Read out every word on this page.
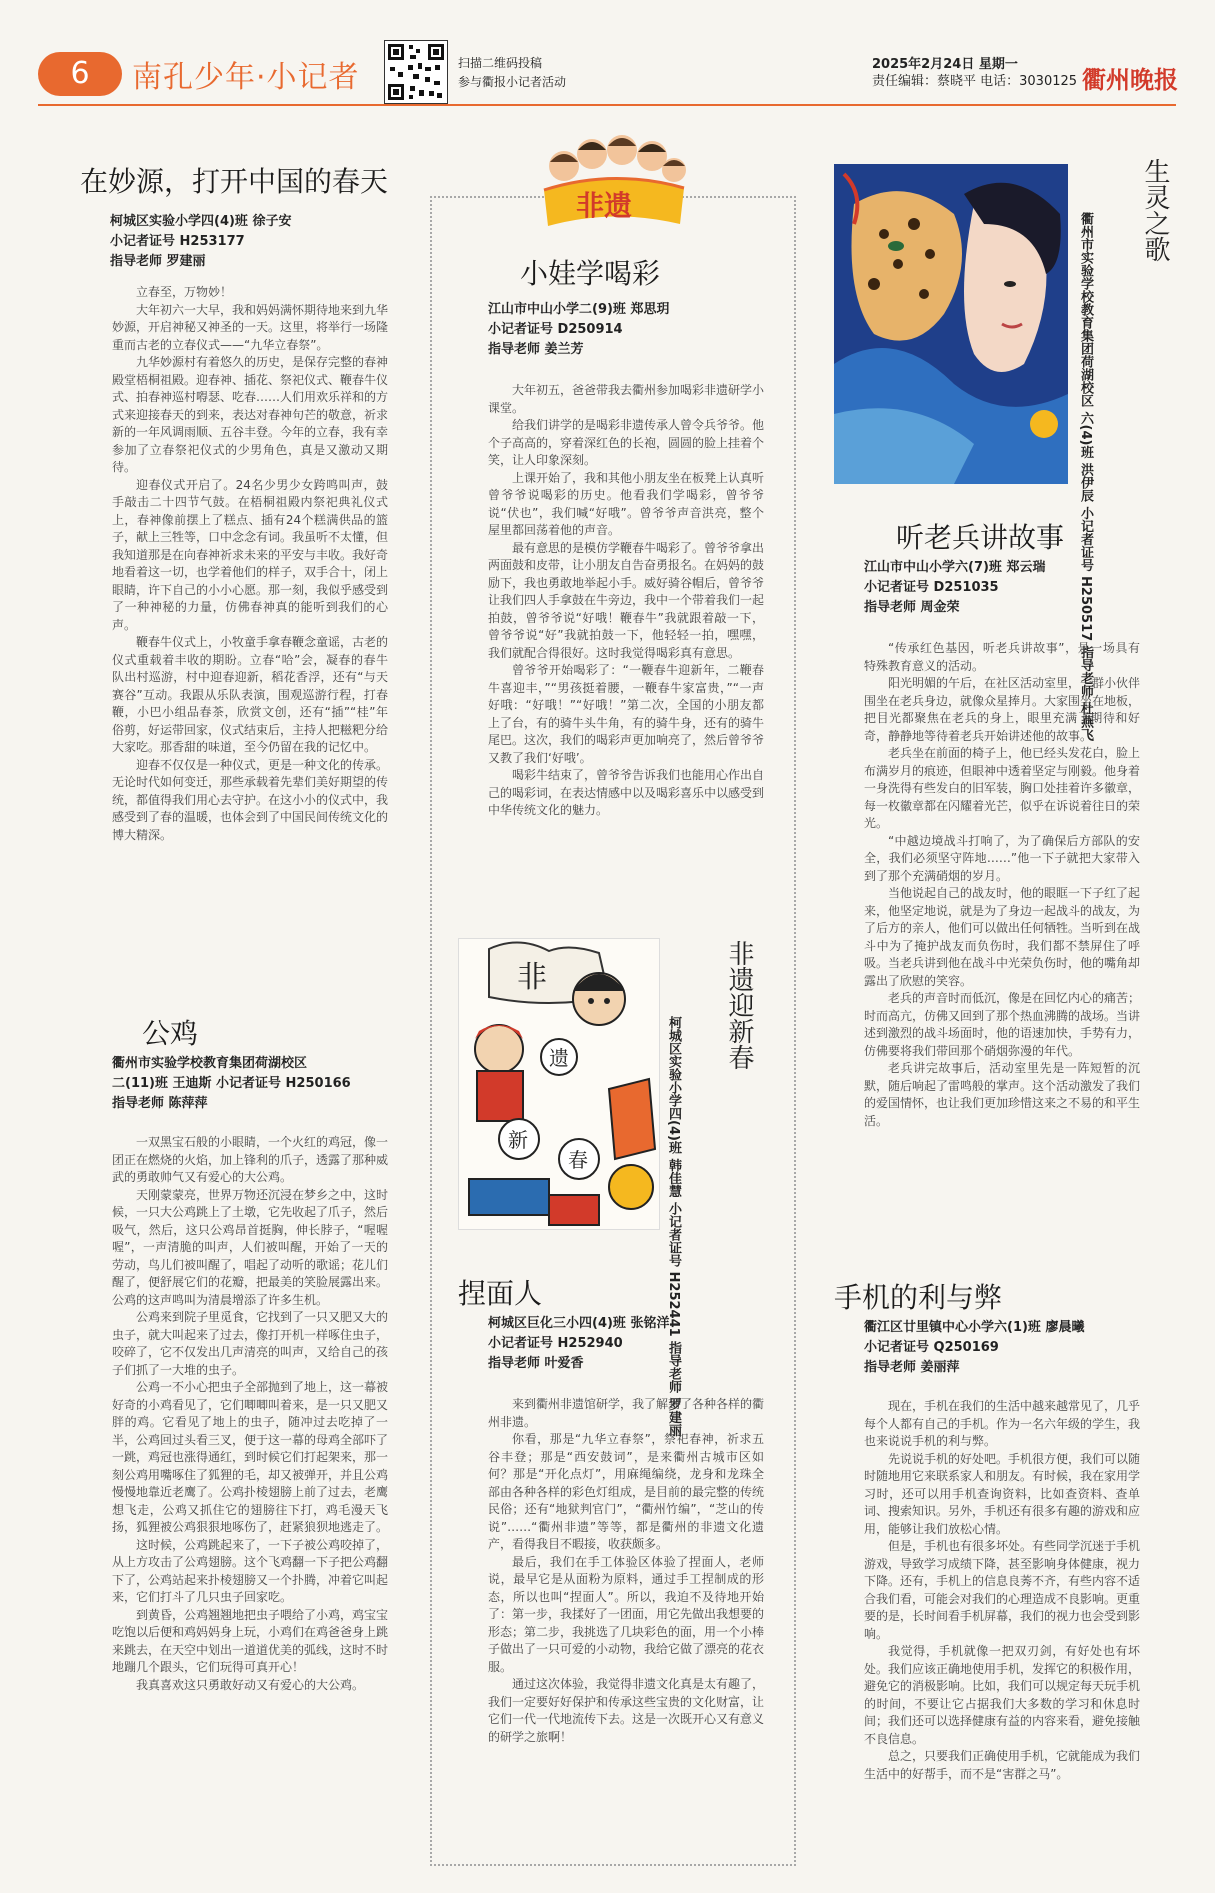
6	南孔少年·小记者	扫描二维码投稿
参与衢报小记者活动
2025年2月24日 星期一
责任编辑：蔡晓平 电话：3030125 衢州晚报
在妙源，打开中国的春天
柯城区实验小学四(4)班 徐子安
小记者证号 H253177
指导老师 罗建丽

立春至，万物妙！

大年初六一大早，我和妈妈满怀期待地来到九华妙源，开启神秘又神圣的一天。这里，将举行一场隆重而古老的立春仪式——“九华立春祭”。

九华妙源村有着悠久的历史，是保存完整的春神殿堂梧桐祖殿。迎春神、插花、祭祀仪式、鞭春牛仪式、拍春神巡村嘚瑟、吃春……人们用欢乐祥和的方式来迎接春天的到来，表达对春神句芒的敬意，祈求新的一年风调雨顺、五谷丰登。今年的立春，我有幸参加了立春祭祀仪式的少男角色，真是又激动又期待。

迎春仪式开启了。24名少男少女跨鸣叫声，鼓手敲击二十四节气鼓。在梧桐祖殿内祭祀典礼仪式上，春神像前摆上了糕点、插有24个糕满供品的篮子，献上三牲等，口中念念有词。我虽听不太懂，但我知道那是在向春神祈求未来的平安与丰收。我好奇地看着这一切，也学着他们的样子，双手合十，闭上眼睛，许下自己的小小心愿。那一刻，我似乎感受到了一种神秘的力量，仿佛春神真的能听到我们的心声。

鞭春牛仪式上，小牧童手拿春鞭念童谣，古老的仪式重载着丰收的期盼。立春“哈”会，凝春的春牛队出村巡游，村中迎春迎新，稻花香浮，还有“与天赛谷”互动。我跟从乐队表演，围观巡游行程，打春鞭，小巴小组品春茶，欣赏文创，还有“插”“桂”年俗剪，好运带回家，仪式结束后，主持人把糍粑分给大家吃。那香甜的味道，至今仍留在我的记忆中。

迎春不仅仅是一种仪式，更是一种文化的传承。无论时代如何变迁，那些承载着先辈们美好期望的传统，都值得我们用心去守护。在这小小的仪式中，我感受到了春的温暖，也体会到了中国民间传统文化的博大精深。

公鸡
衢州市实验学校教育集团荷湖校区
二(11)班 王迪斯 小记者证号 H250166
指导老师 陈萍萍

一双黑宝石般的小眼睛，一个火红的鸡冠，像一团正在燃烧的火焰，加上锋利的爪子，透露了那种威武的勇敢帅气又有爱心的大公鸡。

天刚蒙蒙亮，世界万物还沉浸在梦乡之中，这时候，一只大公鸡跳上了土墩，它先收起了爪子，然后吸气，然后，这只公鸡昂首挺胸，伸长脖子，“喔喔喔”，一声清脆的叫声，人们被叫醒，开始了一天的劳动，鸟儿们被叫醒了，唱起了动听的歌谣；花儿们醒了，便舒展它们的花瓣，把最美的笑脸展露出来。公鸡的这声鸣叫为清晨增添了许多生机。

公鸡来到院子里觅食，它找到了一只又肥又大的虫子，就大叫起来了过去，像打开机一样啄住虫子，咬碎了，它不仅发出几声清亮的叫声，又给自己的孩子们抓了一大堆的虫子。

公鸡一不小心把虫子全部抛到了地上，这一幕被好奇的小鸡看见了，它们唧唧叫着来，是一只又肥又胖的鸡。它看见了地上的虫子，随冲过去吃掉了一半，公鸡回过头看三叉，便于这一幕的母鸡全部吓了一跳，鸡冠也涨得通红，到时候它们打起架来，那一刻公鸡用嘴啄住了狐狸的毛，却又被弹开，并且公鸡慢慢地靠近老鹰了。公鸡扑棱翅膀上前了过去，老鹰想飞走，公鸡又抓住它的翅膀往下打，鸡毛漫天飞扬，狐狸被公鸡狠狠地啄伤了，赶紧狼狈地逃走了。

这时候，公鸡跳起来了，一下子被公鸡咬掉了，从上方攻击了公鸡翅膀。这个飞鸡翻一下子把公鸡翻下了，公鸡站起来扑棱翅膀又一个扑腾，冲着它叫起来，它们打斗了几只虫子回家吃。

到黄昏，公鸡翘翘地把虫子喂给了小鸡，鸡宝宝吃饱以后便和鸡妈妈身上玩，小鸡们在鸡爸爸身上跳来跳去，在天空中划出一道道优美的弧线，这时不时地蹦几个跟头，它们玩得可真开心！

我真喜欢这只勇敢好动又有爱心的大公鸡。

非遗
小娃学喝彩
江山市中山小学二(9)班 郑思玥
小记者证号 D250914
指导老师 姜兰芳

大年初五，爸爸带我去衢州参加喝彩非遗研学小课堂。

给我们讲学的是喝彩非遗传承人曾令兵爷爷。他个子高高的，穿着深红色的长袍，圆圆的脸上挂着个笑，让人印象深刻。

上课开始了，我和其他小朋友坐在板凳上认真听曾爷爷说喝彩的历史。他看我们学喝彩，曾爷爷说“伏也”，我们喊“好哦”。曾爷爷声音洪亮，整个屋里都回荡着他的声音。

最有意思的是模仿学鞭春牛喝彩了。曾爷爷拿出两面鼓和皮带，让小朋友自告奋勇报名。在妈妈的鼓励下，我也勇敢地举起小手。威好骑谷帽后，曾爷爷让我们四人手拿鼓在牛旁边，我中一个带着我们一起拍鼓，曾爷爷说“好哦！鞭春牛”我就跟着敲一下，曾爷爷说“好”我就拍鼓一下，他轻轻一拍，嘿嘿，我们就配合得很好。这时我觉得喝彩真有意思。

曾爷爷开始喝彩了：“一鞭春牛迎新年，二鞭春牛喜迎丰，”“男孩挺着腰，一鞭春牛家富贵，”“一声好哦：“好哦！”“好哦！”第二次，全国的小朋友都上了台，有的骑牛头牛角，有的骑牛身，还有的骑牛尾巴。这次，我们的喝彩声更加响亮了，然后曾爷爷又教了我们‘好哦’。

喝彩牛结束了，曾爷爷告诉我们也能用心作出自己的喝彩词，在表达情感中以及喝彩喜乐中以感受到中华传统文化的魅力。

非
遗
新
春
非遗迎新春
柯城区实验小学四(4)班 韩佳慧 小记者证号 H252441 指导老师 罗建丽
捏面人
柯城区巨化三小四(4)班 张铭洋
小记者证号 H252940
指导老师 叶爱香

来到衢州非遗馆研学，我了解到了各种各样的衢州非遗。

你看，那是“九华立春祭”，祭祀春神，祈求五谷丰登；那是“西安鼓词”，是来衢州古城市区如何？那是“开化点灯”，用麻绳编绕，龙身和龙珠全部由各种各样的彩色灯组成，是目前的最完整的传统民俗；还有“地狱判官门”，“衢州竹编”，“芝山的传说”……“衢州非遗”等等，都是衢州的非遗文化遗产，看得我目不暇接，收获颇多。

最后，我们在手工体验区体验了捏面人，老师说，最早它是从面粉为原料，通过手工捏制成的形态，所以也叫“捏面人”。所以，我迫不及待地开始了：第一步，我揉好了一团面，用它先做出我想要的形态；第二步，我挑选了几块彩色的面，用一个小棒子做出了一只可爱的小动物，我给它做了漂亮的花衣服。

通过这次体验，我觉得非遗文化真是太有趣了，我们一定要好好保护和传承这些宝贵的文化财富，让它们一代一代地流传下去。这是一次既开心又有意义的研学之旅啊！

生灵之歌
衢州市实验学校教育集团荷湖校区 六(4)班 洪伊辰 小记者证号 H250517 指导老师 杜燕飞
听老兵讲故事
江山市中山小学六(7)班 郑云瑞
小记者证号 D251035
指导老师 周金荣

“传承红色基因，听老兵讲故事”，是一场具有特殊教育意义的活动。

阳光明媚的午后，在社区活动室里，一群小伙伴围坐在老兵身边，就像众星捧月。大家围坐在地板，把目光都聚焦在老兵的身上，眼里充满了期待和好奇，静静地等待着老兵开始讲述他的故事。

老兵坐在前面的椅子上，他已经头发花白，脸上布满岁月的痕迹，但眼神中透着坚定与刚毅。他身着一身洗得有些发白的旧军装，胸口处挂着许多徽章，每一枚徽章都在闪耀着光芒，似乎在诉说着往日的荣光。

“中越边境战斗打响了，为了确保后方部队的安全，我们必须坚守阵地……”他一下子就把大家带入到了那个充满硝烟的岁月。

当他说起自己的战友时，他的眼眶一下子红了起来，他坚定地说，就是为了身边一起战斗的战友，为了后方的亲人，他们可以做出任何牺牲。当听到在战斗中为了掩护战友而负伤时，我们都不禁屏住了呼吸。当老兵讲到他在战斗中光荣负伤时，他的嘴角却露出了欣慰的笑容。

老兵的声音时而低沉，像是在回忆内心的痛苦；时而高亢，仿佛又回到了那个热血沸腾的战场。当讲述到激烈的战斗场面时，他的语速加快，手势有力，仿佛要将我们带回那个硝烟弥漫的年代。

老兵讲完故事后，活动室里先是一阵短暂的沉默，随后响起了雷鸣般的掌声。这个活动激发了我们的爱国情怀，也让我们更加珍惜这来之不易的和平生活。

手机的利与弊
衢江区廿里镇中心小学六(1)班 廖晨曦
小记者证号 Q250169
指导老师 姜丽萍

现在，手机在我们的生活中越来越常见了，几乎每个人都有自己的手机。作为一名六年级的学生，我也来说说手机的利与弊。

先说说手机的好处吧。手机很方便，我们可以随时随地用它来联系家人和朋友。有时候，我在家用学习时，还可以用手机查询资料，比如查资料、查单词、搜索知识。另外，手机还有很多有趣的游戏和应用，能够让我们放松心情。

但是，手机也有很多坏处。有些同学沉迷于手机游戏，导致学习成绩下降，甚至影响身体健康，视力下降。还有，手机上的信息良莠不齐，有些内容不适合我们看，可能会对我们的心理造成不良影响。更重要的是，长时间看手机屏幕，我们的视力也会受到影响。

我觉得，手机就像一把双刃剑，有好处也有坏处。我们应该正确地使用手机，发挥它的积极作用，避免它的消极影响。比如，我们可以规定每天玩手机的时间，不要让它占据我们大多数的学习和休息时间；我们还可以选择健康有益的内容来看，避免接触不良信息。

总之，只要我们正确使用手机，它就能成为我们生活中的好帮手，而不是“害群之马”。
